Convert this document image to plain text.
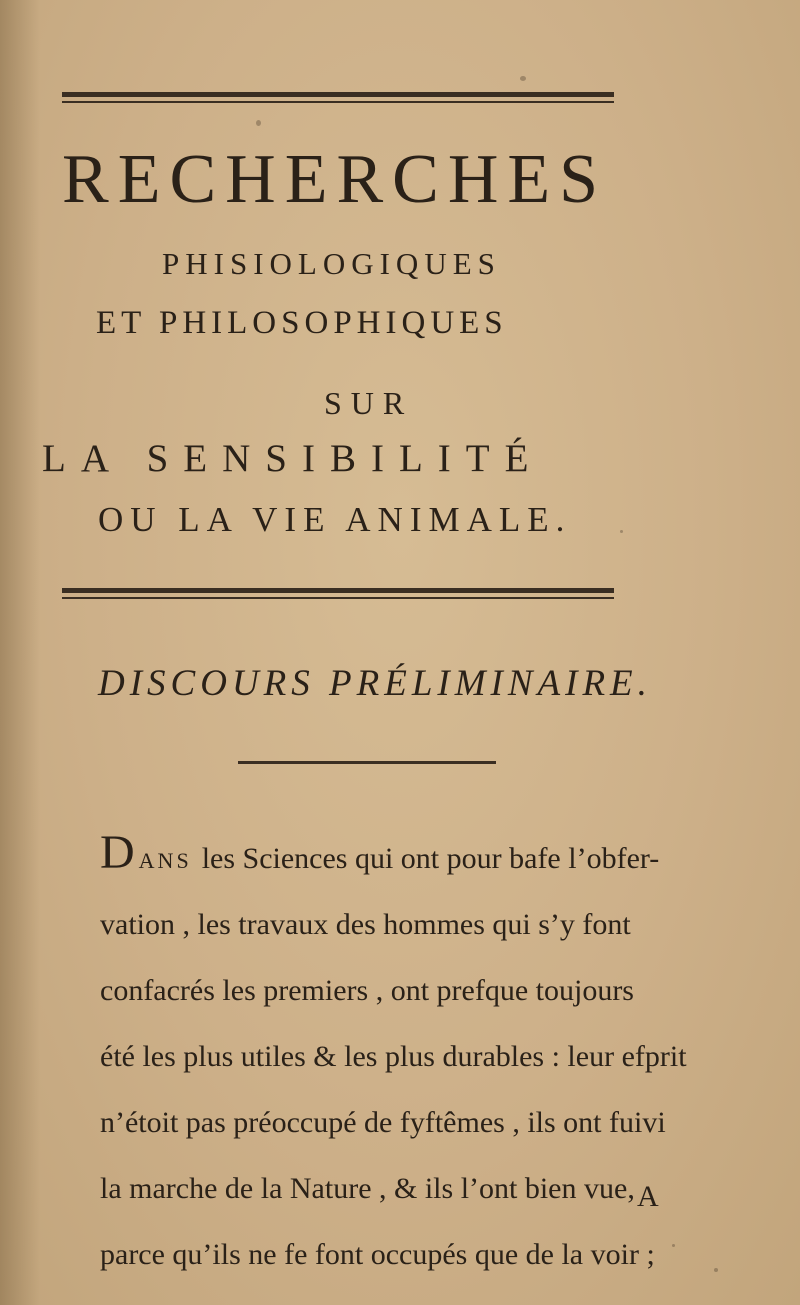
RECHERCHES
PHISIOLOGIQUES
ET PHILOSOPHIQUES
SUR
LA SENSIBILITÉ
OU LA VIE ANIMALE.
DISCOURS PRÉLIMINAIRE.
DANS les Sciences qui ont pour bafe l’obfer-
vation , les travaux des hommes qui s’y font
confacrés les premiers , ont prefque toujours
été les plus utiles & les plus durables : leur efprit
n’étoit pas préoccupé de fyftêmes , ils ont fuivi
la marche de la Nature , & ils l’ont bien vue,
parce qu’ils ne fe font occupés que de la voir ;
A
